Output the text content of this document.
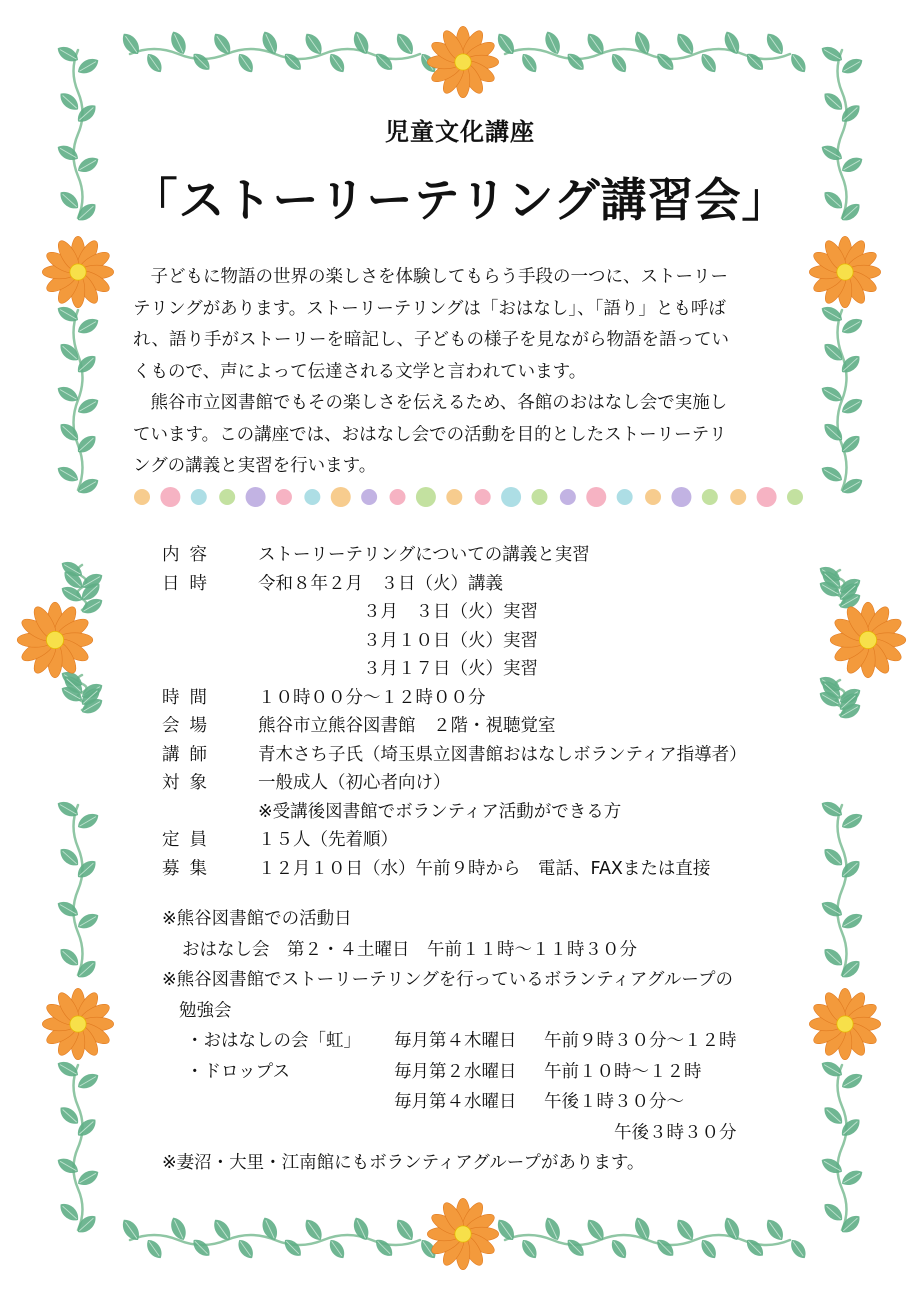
児童文化講座
「ストーリーテリング講習会」

子どもに物語の世界の楽しさを体験してもらう手段の一つに、ストーリー
テリングがあります。ストーリーテリングは「おはなし」、「語り」とも呼ば
れ、語り手がストーリーを暗記し、子どもの様子を見ながら物語を語ってい
くもので、声によって伝達される文学と言われています。

熊谷市立図書館でもその楽しさを伝えるため、各館のおはなし会で実施し
ています。この講座では、おはなし会での活動を目的としたストーリーテリ
ングの講義と実習を行います。

内容	ストーリーテリングについての講義と実習
日時	令和８年２月　３日（火）講義
　　　　　　３月　３日（火）実習
　　　　　　３月１０日（火）実習
　　　　　　３月１７日（火）実習
時間	１０時００分～１２時００分
会場	熊谷市立熊谷図書館　２階・視聴覚室
講師	青木さち子氏（埼玉県立図書館おはなしボランティア指導者）
対象	一般成人（初心者向け）
※受講後図書館でボランティア活動ができる方
定員	１５人（先着順）
募集	１２月１０日（水）午前９時から　電話、FAXまたは直接
※熊谷図書館での活動日
おはなし会　第２・４土曜日　午前１１時～１１時３０分
※熊谷図書館でストーリーテリングを行っているボランティアグループの
勉強会
・おはなしの会「虹」 毎月第４木曜日 午前９時３０分～１２時
・ドロップス	毎月第２水曜日 午前１０時～１２時
毎月第４水曜日 午後１時３０分～
午後３時３０分
※妻沼・大里・江南館にもボランティアグループがあります。
